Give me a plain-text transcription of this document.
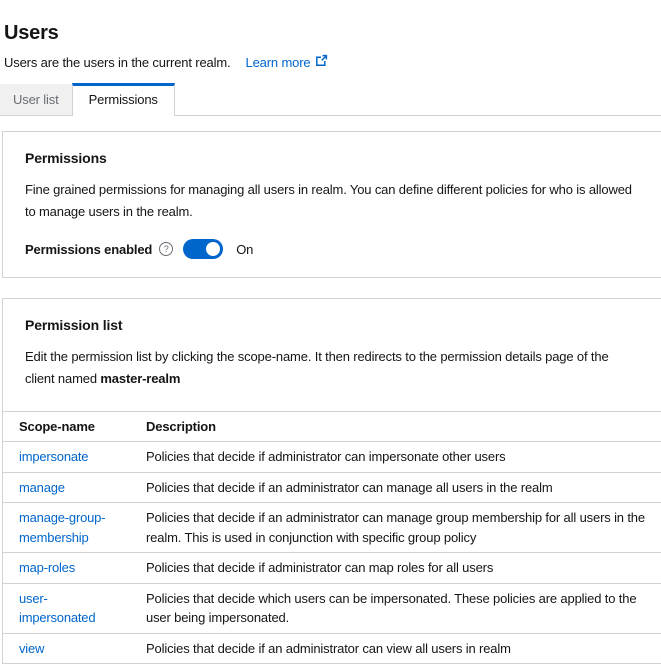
Users
Users are the users in the current realm. Learn more
User list	Permissions
Permissions

Fine grained permissions for managing all users in realm. You can define different policies for who is allowed to manage users in the realm.

Permissions enabled	?	On
Permission list

Edit the permission list by clicking the scope-name. It then redirects to the permission details page of the client named master-realm

Scope-name	Description
impersonate	Policies that decide if administrator can impersonate other users
manage	Policies that decide if an administrator can manage all users in the realm
manage-group-membership	Policies that decide if an administrator can manage group membership for all users in the realm. This is used in conjunction with specific group policy
map-roles	Policies that decide if administrator can map roles for all users
user-impersonated	Policies that decide which users can be impersonated. These policies are applied to the user being impersonated.
view	Policies that decide if an administrator can view all users in realm
